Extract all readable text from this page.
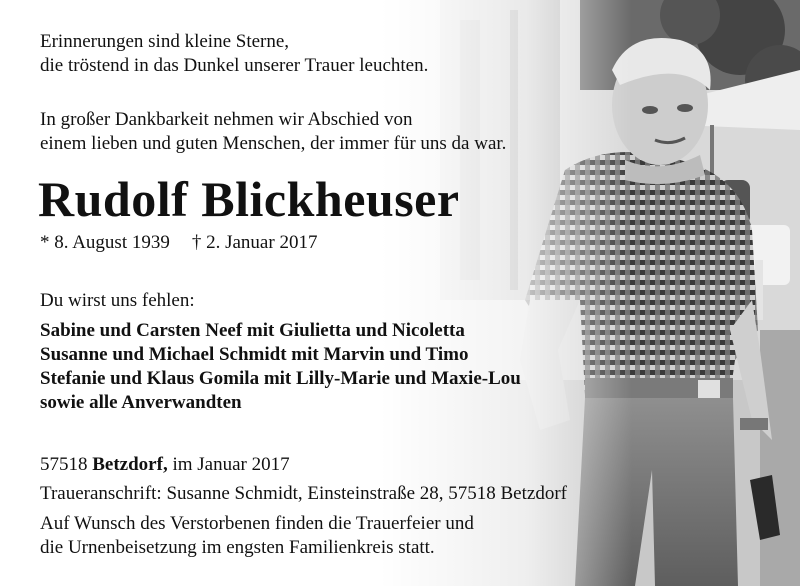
Erinnerungen sind kleine Sterne,
die tröstend in das Dunkel unserer Trauer leuchten.
In großer Dankbarkeit nehmen wir Abschied von
einem lieben und guten Menschen, der immer für uns da war.
Rudolf Blickheuser
* 8. August 1939 † 2. Januar 2017
Du wirst uns fehlen:
Sabine und Carsten Neef mit Giulietta und Nicoletta
Susanne und Michael Schmidt mit Marvin und Timo
Stefanie und Klaus Gomila mit Lilly-Marie und Maxie-Lou
sowie alle Anverwandten
57518 Betzdorf, im Januar 2017
Traueranschrift: Susanne Schmidt, Einsteinstraße 28, 57518 Betzdorf
Auf Wunsch des Verstorbenen finden die Trauerfeier und
die Urnenbeisetzung im engsten Familienkreis statt.
